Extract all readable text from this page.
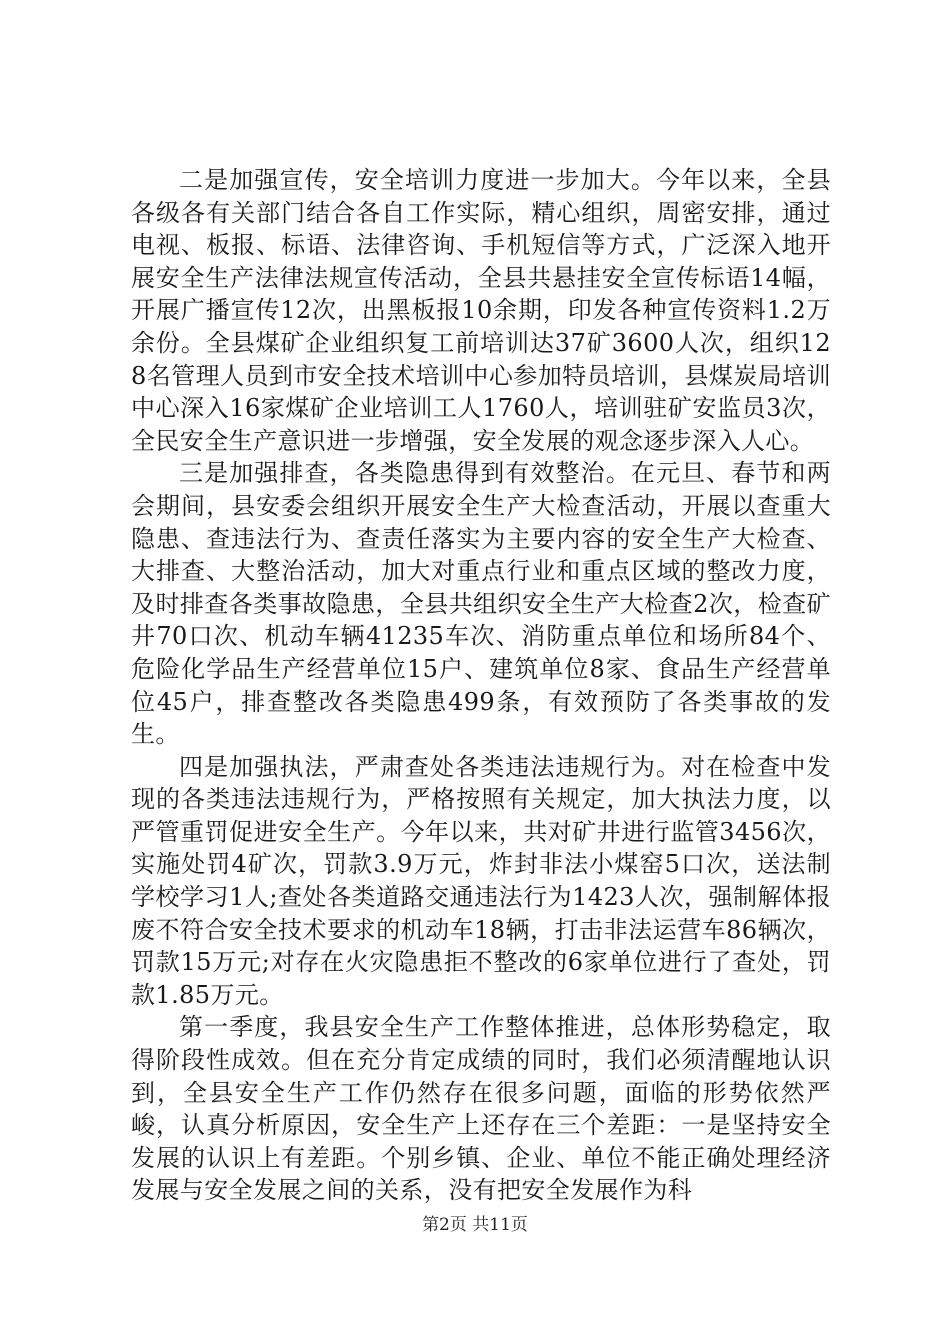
二是加强宣传，安全培训力度进一步加大。今年以来，全县各级各有关部门结合各自工作实际，精心组织，周密安排，通过电视、板报、标语、法律咨询、手机短信等方式，广泛深入地开展安全生产法律法规宣传活动，全县共悬挂安全宣传标语14幅，开展广播宣传12次，出黑板报10余期，印发各种宣传资料1.2万余份。全县煤矿企业组织复工前培训达37矿3600人次，组织128名管理人员到市安全技术培训中心参加特员培训，县煤炭局培训中心深入16家煤矿企业培训工人1760人，培训驻矿安监员3次，全民安全生产意识进一步增强，安全发展的观念逐步深入人心。

三是加强排查，各类隐患得到有效整治。在元旦、春节和两会期间，县安委会组织开展安全生产大检查活动，开展以查重大隐患、查违法行为、查责任落实为主要内容的安全生产大检查、大排查、大整治活动，加大对重点行业和重点区域的整改力度，及时排查各类事故隐患，全县共组织安全生产大检查2次，检查矿井70口次、机动车辆41235车次、消防重点单位和场所84个、危险化学品生产经营单位15户、建筑单位8家、食品生产经营单位45户，排查整改各类隐患499条，有效预防了各类事故的发生。

四是加强执法，严肃查处各类违法违规行为。对在检查中发现的各类违法违规行为，严格按照有关规定，加大执法力度，以严管重罚促进安全生产。今年以来，共对矿井进行监管3456次，实施处罚4矿次，罚款3.9万元，炸封非法小煤窑5口次，送法制学校学习1人;查处各类道路交通违法行为1423人次，强制解体报废不符合安全技术要求的机动车18辆，打击非法运营车86辆次，罚款15万元;对存在火灾隐患拒不整改的6家单位进行了查处，罚款1.85万元。

第一季度，我县安全生产工作整体推进，总体形势稳定，取得阶段性成效。但在充分肯定成绩的同时，我们必须清醒地认识到，全县安全生产工作仍然存在很多问题，面临的形势依然严峻，认真分析原因，安全生产上还存在三个差距：一是坚持安全发展的认识上有差距。个别乡镇、企业、单位不能正确处理经济发展与安全发展之间的关系，没有把安全发展作为科

第2页 共11页
